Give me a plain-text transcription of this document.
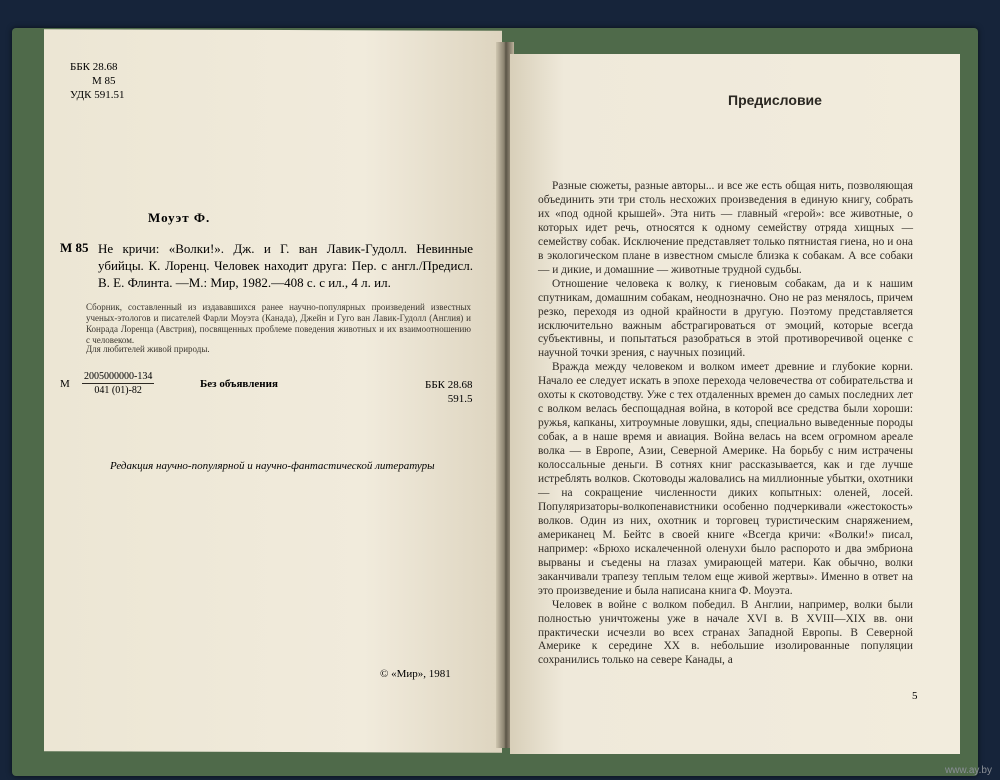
ББК 28.68
М 85
УДК 591.51
Моуэт Ф.
М 85 Не кричи: «Волки!». Дж. и Г. ван Лавик-Гудолл. Невинные убийцы. К. Лоренц. Человек находит друга: Пер. с англ./Предисл. В. Е. Флинта. —М.: Мир, 1982.—408 с. с ил., 4 л. ил.
Сборник, составленный из издававшихся ранее научно-популярных произведений известных ученых-этологов и писателей Фарли Моуэта (Канада), Джейн и Гуго ван Лавик-Гудолл (Англия) и Конрада Лоренца (Австрия), посвященных проблеме поведения животных и их взаимоотношению с человеком.
Для любителей живой природы.
М $\frac{2005000000-134}{041 (01)-82}$	Без объявления	ББК 28.68
591.5
Редакция научно-популярной и научно-фантастической литературы
© «Мир», 1981
Предисловие

Разные сюжеты, разные авторы... и все же есть общая нить, позволяющая объединить эти три столь несхожих произведения в единую книгу, собрать их «под одной крышей». Эта нить — главный «герой»: все животные, о которых идет речь, относятся к одному семейству отряда хищных — семейству собак. Исключение представляет только пятнистая гиена, но и она в экологическом плане в известном смысле близка к собакам. А все собаки — и дикие, и домашние — животные трудной судьбы.

Отношение человека к волку, к гиеновым собакам, да и к нашим спутникам, домашним собакам, неоднозначно. Оно не раз менялось, причем резко, переходя из одной крайности в другую. Поэтому представляется исключительно важным абстрагироваться от эмоций, которые всегда субъективны, и попытаться разобраться в этой противоречивой оценке с научной точки зрения, с научных позиций.

Вражда между человеком и волком имеет древние и глубокие корни. Начало ее следует искать в эпохе перехода человечества от собирательства и охоты к скотоводству. Уже с тех отдаленных времен до самых последних лет с волком велась беспощадная война, в которой все средства были хороши: ружья, капканы, хитроумные ловушки, яды, специально выведенные породы собак, а в наше время и авиация. Война велась на всем огромном ареале волка — в Европе, Азии, Северной Америке. На борьбу с ним истрачены колоссальные деньги. В сотнях книг рассказывается, как и где лучше истреблять волков. Скотоводы жаловались на миллионные убытки, охотники — на сокращение численности диких копытных: оленей, лосей. Популяризаторы-волкопенавистники особенно подчеркивали «жестокость» волков. Один из них, охотник и торговец туристическим снаряжением, американец М. Бейтс в своей книге «Всегда кричи: «Волки!» писал, например: «Брюхо искалеченной оленухи было распорото и два эмбриона вырваны и съедены на глазах умирающей матери. Как обычно, волки заканчивали трапезу теплым телом еще живой жертвы». Именно в ответ на это произведение и была написана книга Ф. Моуэта.

Человек в войне с волком победил. В Англии, например, волки были полностью уничтожены уже в начале XVI в. В XVIII—XIX вв. они практически исчезли во всех странах Западной Европы. В Северной Америке к середине XX в. небольшие изолированные популяции сохранились только на севере Канады, а

5
www.ay.by
